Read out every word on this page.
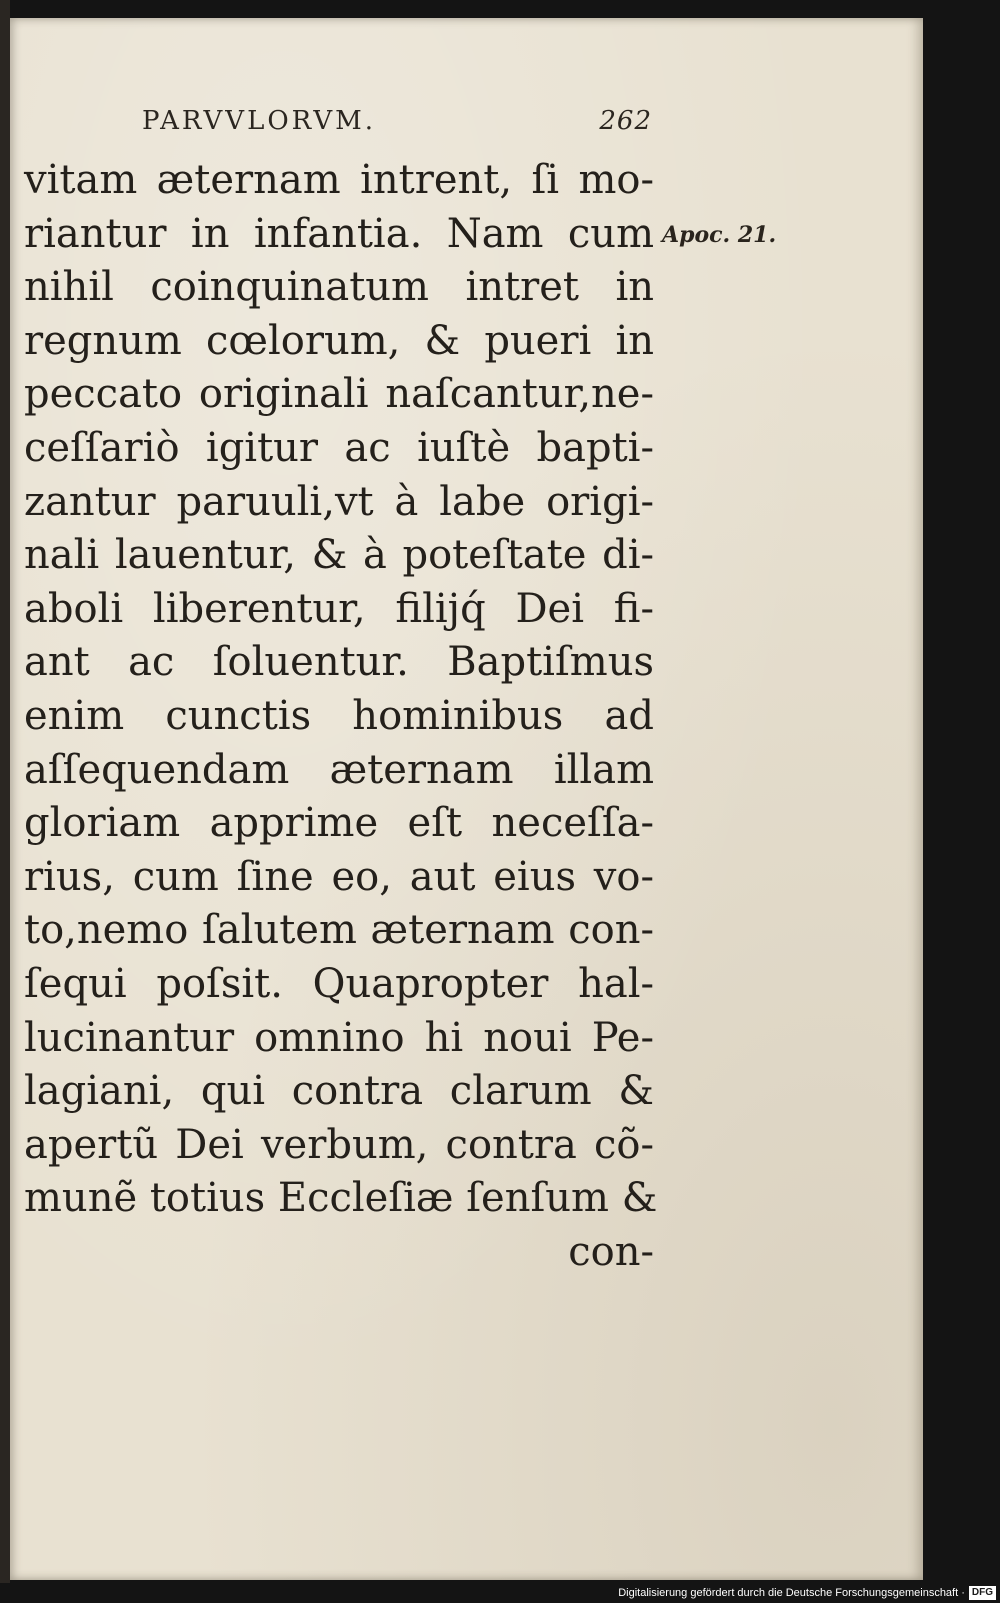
PARVVLORVM.	262
Apoc. 21.
vitam æternam intrent, ſi mo-
riantur in infantia. Nam cum
nihil coinquinatum intret in
regnum cœlorum, & pueri in
peccato originali naſcantur,ne-
ceſſariò igitur ac iuſtè bapti-
zantur paruuli,vt à labe origi-
nali lauentur, & à poteſtate di-
aboli liberentur, filijq́ Dei fi-
ant ac ſoluentur. Baptiſmus
enim cunctis hominibus ad
aſſequendam æternam illam
gloriam apprime eſt neceſſa-
rius, cum ſine eo, aut eius vo-
to,nemo ſalutem æternam con-
ſequi poſsit. Quapropter hal-
lucinantur omnino hi noui Pe-
lagiani, qui contra clarum &
apertũ Dei verbum, contra cõ-
munẽ totius Eccleſiæ ſenſum &
con-
Digitalisierung gefördert durch die Deutsche Forschungsgemeinschaft · DFG
